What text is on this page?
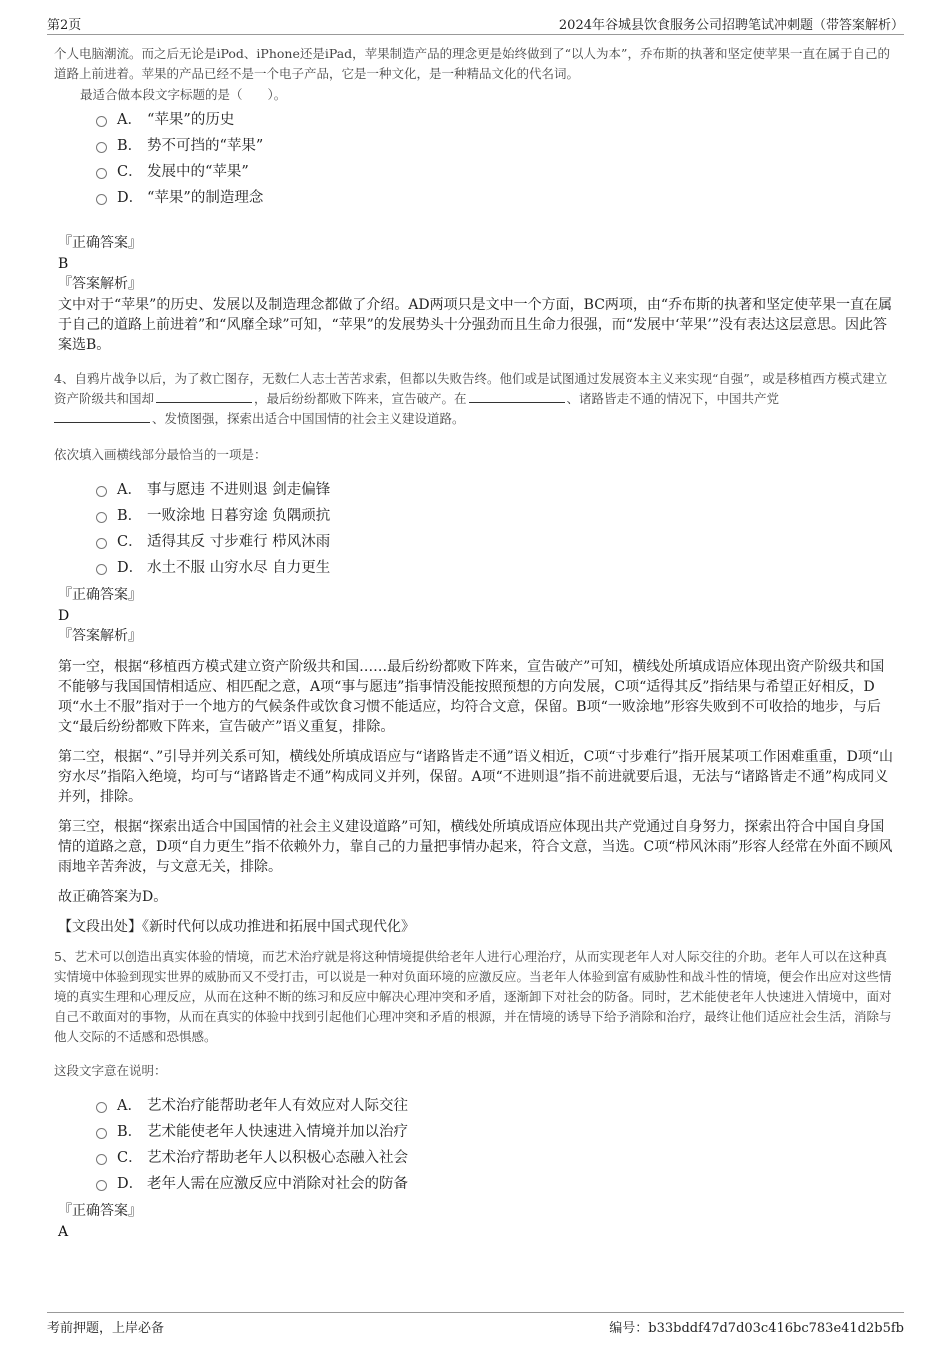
第2页	2024年谷城县饮食服务公司招聘笔试冲刺题（带答案解析）

个人电脑潮流。而之后无论是iPod、iPhone还是iPad，苹果制造产品的理念更是始终做到了“以人为本”，乔布斯的执著和坚定使苹果一直在属于自己的道路上前进着。苹果的产品已经不是一个电子产品，它是一种文化，是一种精品文化的代名词。

最适合做本段文字标题的是（　　）。

A． “苹果”的历史
B． 势不可挡的“苹果”
C． 发展中的“苹果”
D． “苹果”的制造理念

『正确答案』

B

『答案解析』

文中对于“苹果”的历史、发展以及制造理念都做了介绍。AD两项只是文中一个方面，BC两项，由“乔布斯的执著和坚定使苹果一直在属于自己的道路上前进着”和“风靡全球”可知，“苹果”的发展势头十分强劲而且生命力很强，而“发展中‘苹果’”没有表达这层意思。因此答案选B。

4、自鸦片战争以后，为了救亡图存，无数仁人志士苦苦求索，但都以失败告终。他们或是试图通过发展资本主义来实现“自强”，或是移植西方模式建立资产阶级共和国却	，最后纷纷都败下阵来，宣告破产。在	、诸路皆走不通的情况下，中国共产党
、发愤图强，探索出适合中国国情的社会主义建设道路。

依次填入画横线部分最恰当的一项是：

A． 事与愿违 不进则退 剑走偏锋
B． 一败涂地 日暮穷途 负隅顽抗
C． 适得其反 寸步难行 栉风沐雨
D． 水土不服 山穷水尽 自力更生

『正确答案』

D

『答案解析』

第一空，根据“移植西方模式建立资产阶级共和国……最后纷纷都败下阵来，宣告破产”可知，横线处所填成语应体现出资产阶级共和国不能够与我国国情相适应、相匹配之意，A项“事与愿违”指事情没能按照预想的方向发展，C项“适得其反”指结果与希望正好相反，D项“水土不服”指对于一个地方的气候条件或饮食习惯不能适应，均符合文意，保留。B项“一败涂地”形容失败到不可收拾的地步，与后文“最后纷纷都败下阵来，宣告破产”语义重复，排除。

第二空，根据“、”引导并列关系可知，横线处所填成语应与“诸路皆走不通”语义相近，C项“寸步难行”指开展某项工作困难重重，D项“山穷水尽”指陷入绝境，均可与“诸路皆走不通”构成同义并列，保留。A项“不进则退”指不前进就要后退，无法与“诸路皆走不通”构成同义并列，排除。

第三空，根据“探索出适合中国国情的社会主义建设道路”可知，横线处所填成语应体现出共产党通过自身努力，探索出符合中国自身国情的道路之意，D项“自力更生”指不依赖外力，靠自己的力量把事情办起来，符合文意，当选。C项“栉风沐雨”形容人经常在外面不顾风雨地辛苦奔波，与文意无关，排除。

故正确答案为D。

【文段出处】《新时代何以成功推进和拓展中国式现代化》

5、艺术可以创造出真实体验的情境，而艺术治疗就是将这种情境提供给老年人进行心理治疗，从而实现老年人对人际交往的介助。老年人可以在这种真实情境中体验到现实世界的威胁而又不受打击，可以说是一种对负面环境的应激反应。当老年人体验到富有威胁性和战斗性的情境，便会作出应对这些情境的真实生理和心理反应，从而在这种不断的练习和反应中解决心理冲突和矛盾，逐渐卸下对社会的防备。同时，艺术能使老年人快速进入情境中，面对自己不敢面对的事物，从而在真实的体验中找到引起他们心理冲突和矛盾的根源，并在情境的诱导下给予消除和治疗，最终让他们适应社会生活，消除与他人交际的不适感和恐惧感。

这段文字意在说明：

A． 艺术治疗能帮助老年人有效应对人际交往
B． 艺术能使老年人快速进入情境并加以治疗
C． 艺术治疗帮助老年人以积极心态融入社会
D． 老年人需在应激反应中消除对社会的防备

『正确答案』

A

考前押题，上岸必备	编号：b33bddf47d7d03c416bc783e41d2b5fb
